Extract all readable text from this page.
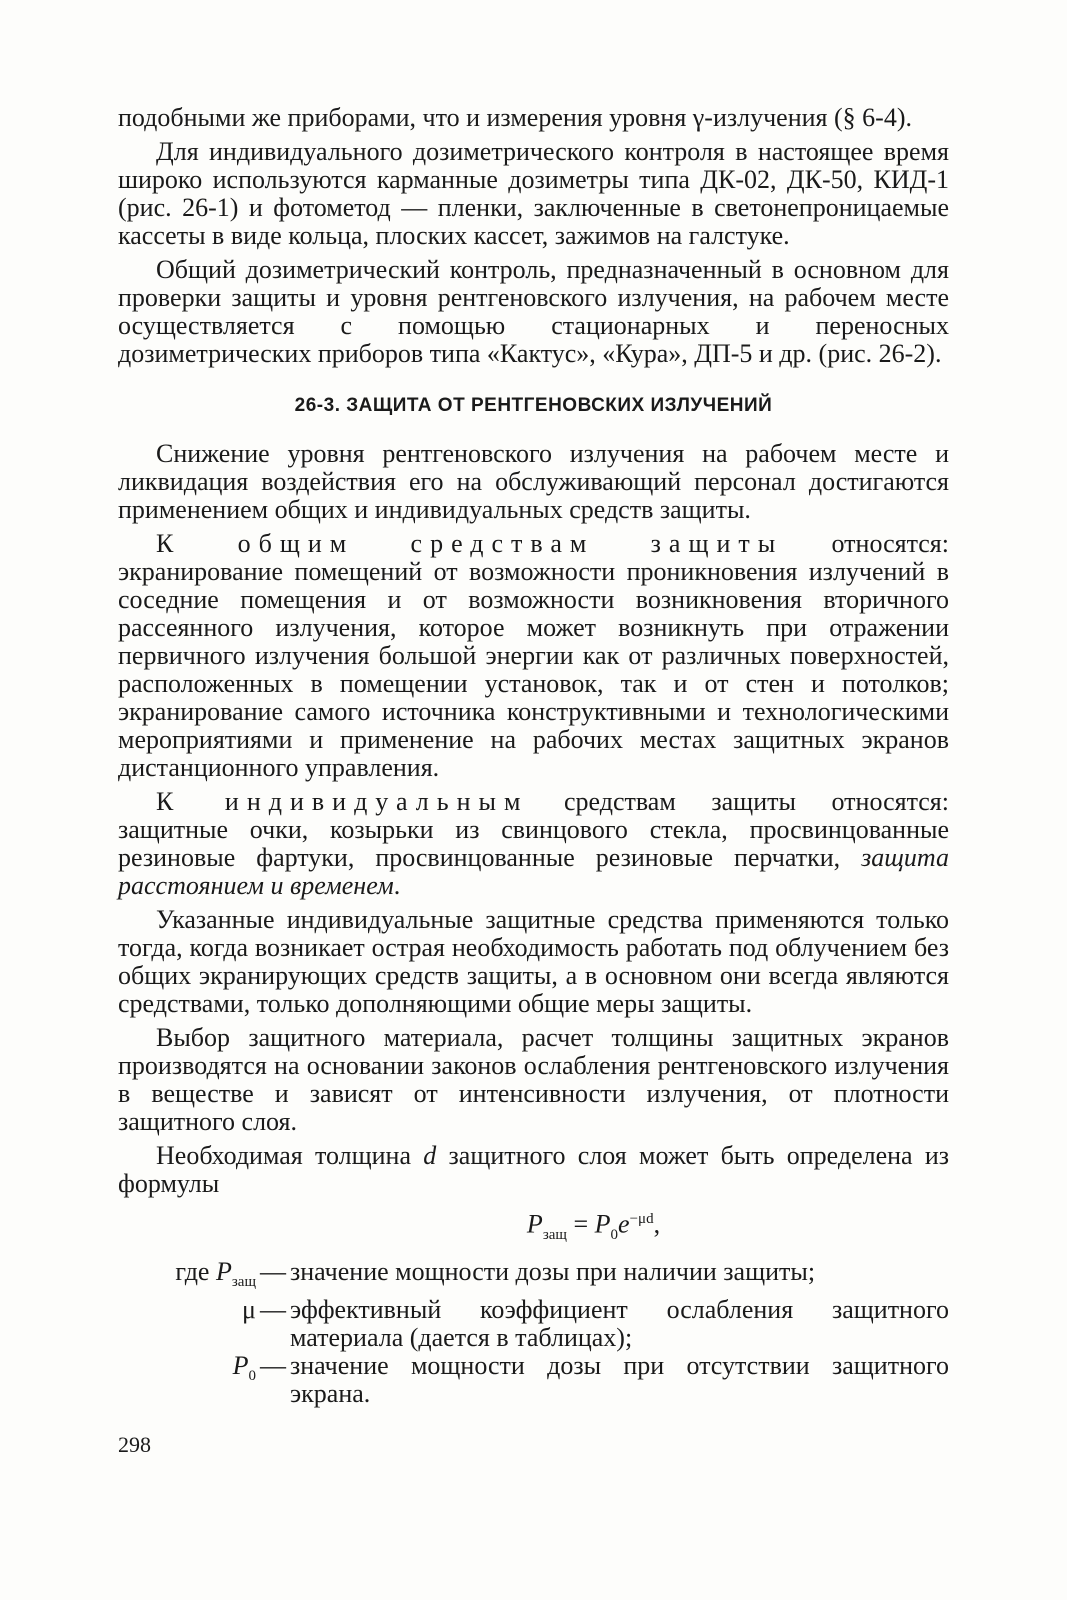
подобными же приборами, что и измерения уровня γ-излучения (§ 6-4).

Для индивидуального дозиметрического контроля в настоящее время широко используются карманные дозиметры типа ДК-02, ДК-50, КИД-1 (рис. 26-1) и фотометод — пленки, заключенные в светонепроницаемые кассеты в виде кольца, плоских кассет, зажимов на галстуке.

Общий дозиметрический контроль, предназначенный в основном для проверки защиты и уровня рентгеновского излучения, на рабочем месте осуществляется с помощью стационарных и переносных дозиметрических приборов типа «Кактус», «Кура», ДП-5 и др. (рис. 26-2).

26-3. ЗАЩИТА ОТ РЕНТГЕНОВСКИХ ИЗЛУЧЕНИЙ

Снижение уровня рентгеновского излучения на рабочем месте и ликвидация воздействия его на обслуживающий персонал достигаются применением общих и индивидуальных средств защиты.

К общим средствам защиты относятся: экранирование помещений от возможности проникновения излучений в соседние помещения и от возможности возникновения вторичного рассеянного излучения, которое может возникнуть при отражении первичного излучения большой энергии как от различных поверхностей, расположенных в помещении установок, так и от стен и потолков; экранирование самого источника конструктивными и технологическими мероприятиями и применение на рабочих местах защитных экранов дистанционного управления.

К индивидуальным средствам защиты относятся: защитные очки, козырьки из свинцового стекла, просвинцованные резиновые фартуки, просвинцованные резиновые перчатки, защита расстоянием и временем.

Указанные индивидуальные защитные средства применяются только тогда, когда возникает острая необходимость работать под облучением без общих экранирующих средств защиты, а в основном они всегда являются средствами, только дополняющими общие меры защиты.

Выбор защитного материала, расчет толщины защитных экранов производятся на основании законов ослабления рентгеновского излучения в веществе и зависят от интенсивности излучения, от плотности защитного слоя.

Необходимая толщина d защитного слоя может быть определена из формулы

$P_{защ} = P_0e^{-\mu d}$,
где $P_{защ}$ — значение мощности дозы при наличии защиты;
μ — эффективный коэффициент ослабления защитного материала (дается в таблицах);
$P_0$ — значение мощности дозы при отсутствии защитного экрана.
298
